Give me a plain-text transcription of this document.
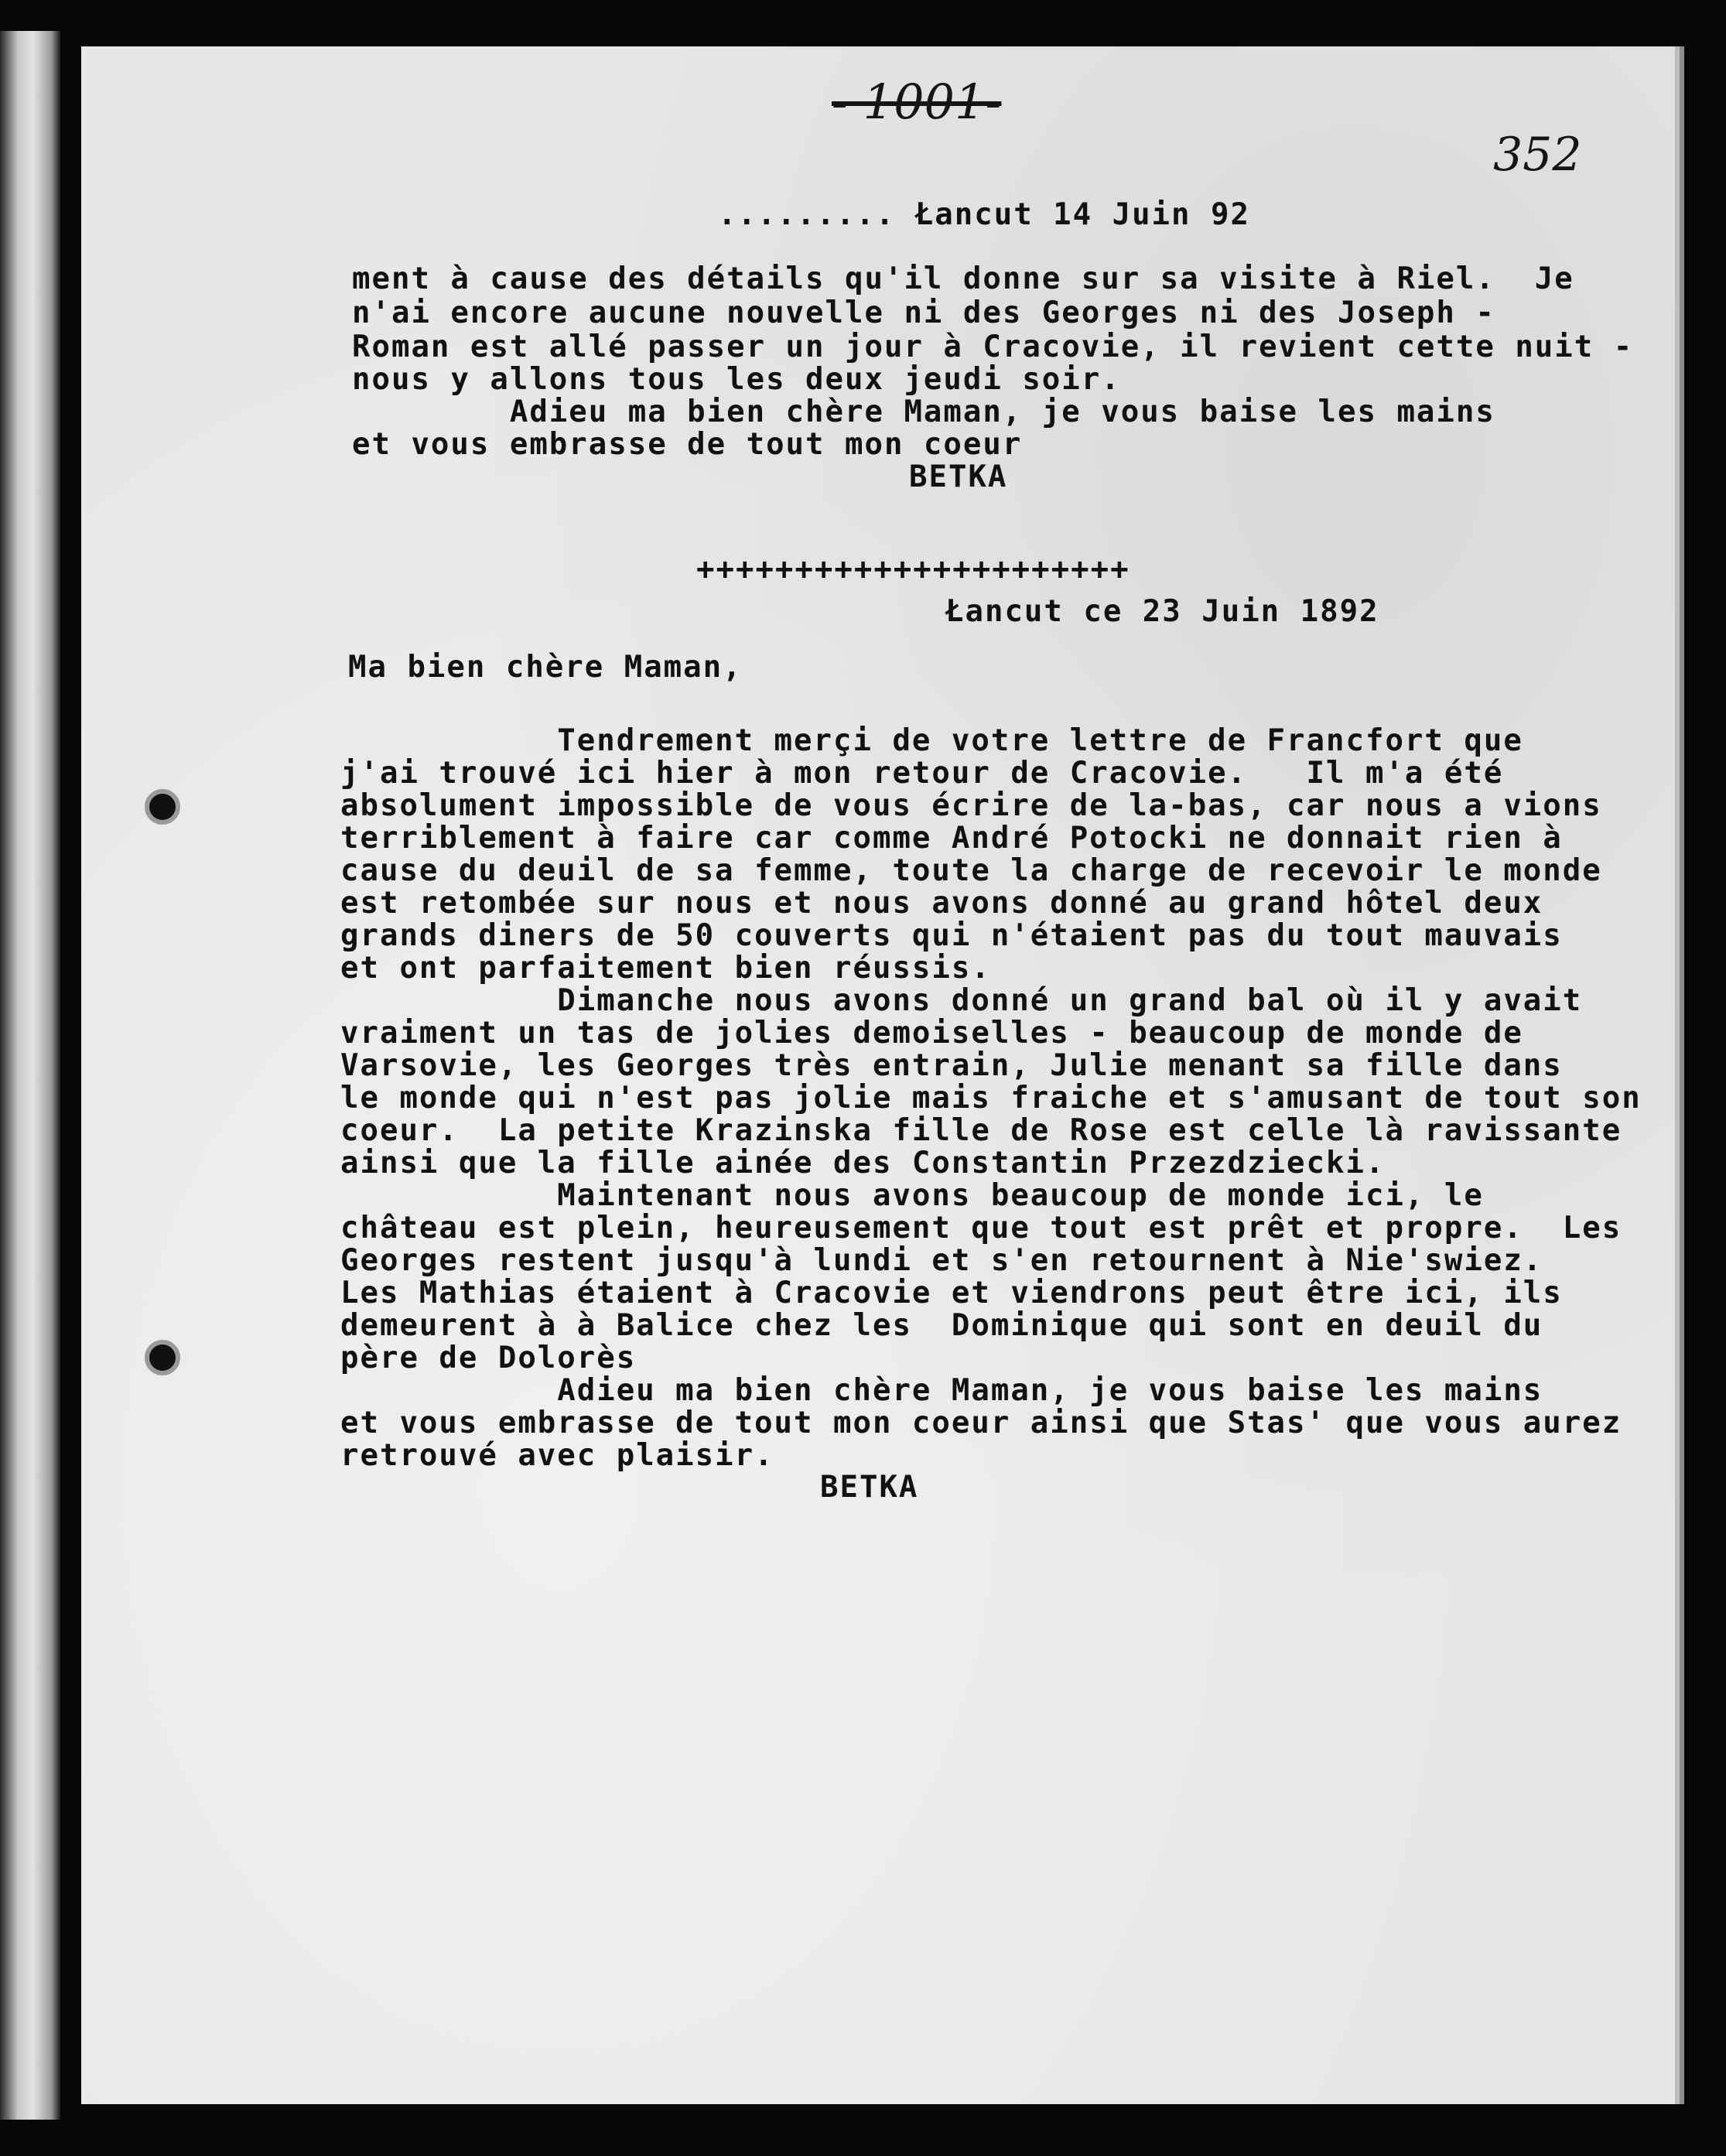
- 1001-
352
......... Łancut 14 Juin 92
ment à cause des détails qu'il donne sur sa visite à Riel.  Je
n'ai encore aucune nouvelle ni des Georges ni des Joseph -
Roman est allé passer un jour à Cracovie, il revient cette nuit -
nous y allons tous les deux jeudi soir.
Adieu ma bien chère Maman, je vous baise les mains
et vous embrasse de tout mon coeur
BETKA
++++++++++++++++++++++
Łancut ce 23 Juin 1892
Ma bien chère Maman,
Tendrement merçi de votre lettre de Francfort que
j'ai trouvé ici hier à mon retour de Cracovie.   Il m'a été
absolument impossible de vous écrire de la-bas, car nous a vions
terriblement à faire car comme André Potocki ne donnait rien à
cause du deuil de sa femme, toute la charge de recevoir le monde
est retombée sur nous et nous avons donné au grand hôtel deux
grands diners de 50 couverts qui n'étaient pas du tout mauvais
et ont parfaitement bien réussis.
Dimanche nous avons donné un grand bal où il y avait
vraiment un tas de jolies demoiselles - beaucoup de monde de
Varsovie, les Georges très entrain, Julie menant sa fille dans
le monde qui n'est pas jolie mais fraiche et s'amusant de tout son
coeur.  La petite Krazinska fille de Rose est celle là ravissante
ainsi que la fille ainée des Constantin Przezdziecki.
Maintenant nous avons beaucoup de monde ici, le
château est plein, heureusement que tout est prêt et propre.  Les
Georges restent jusqu'à lundi et s'en retournent à Nie'swiez.
Les Mathias étaient à Cracovie et viendrons peut être ici, ils
demeurent à à Balice chez les  Dominique qui sont en deuil du
père de Dolorès
Adieu ma bien chère Maman, je vous baise les mains
et vous embrasse de tout mon coeur ainsi que Stas' que vous aurez
retrouvé avec plaisir.
BETKA
